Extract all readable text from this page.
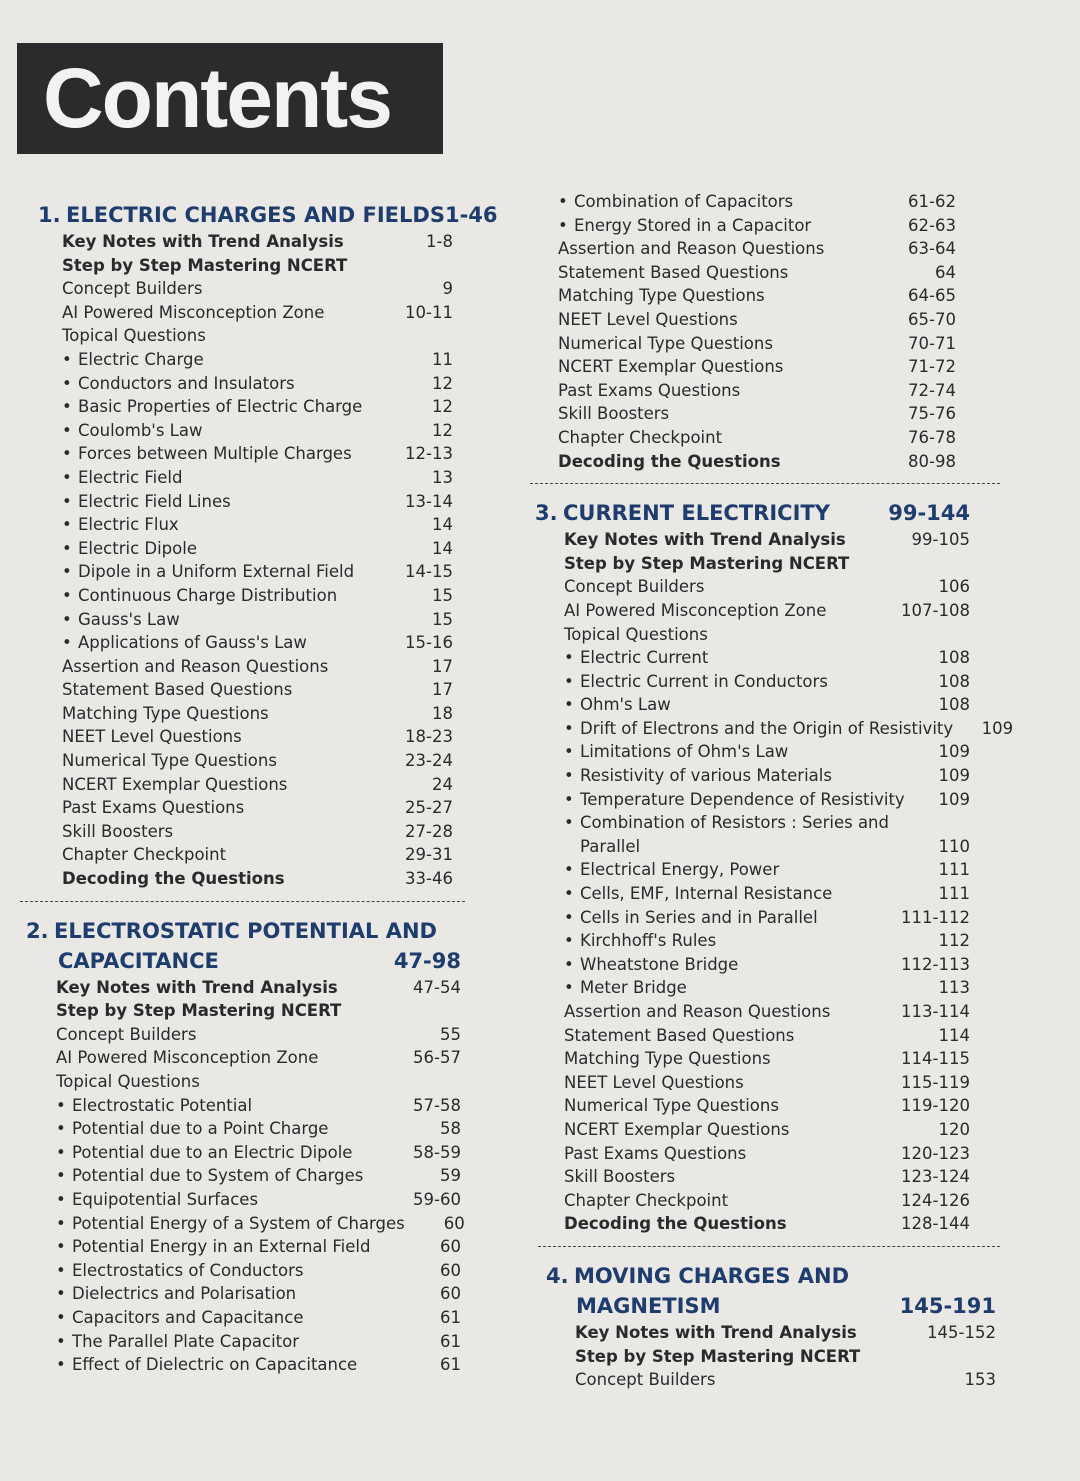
Contents
1. ELECTRIC CHARGES AND FIELDS 1-46
Key Notes with Trend Analysis	1-8
Step by Step Mastering NCERT
Concept Builders	9
AI Powered Misconception Zone	10-11
Topical Questions
• Electric Charge	11
• Conductors and Insulators	12
• Basic Properties of Electric Charge	12
• Coulomb's Law	12
• Forces between Multiple Charges	12-13
• Electric Field	13
• Electric Field Lines	13-14
• Electric Flux	14
• Electric Dipole	14
• Dipole in a Uniform External Field	14-15
• Continuous Charge Distribution	15
• Gauss's Law	15
• Applications of Gauss's Law	15-16
Assertion and Reason Questions	17
Statement Based Questions	17
Matching Type Questions	18
NEET Level Questions	18-23
Numerical Type Questions	23-24
NCERT Exemplar Questions	24
Past Exams Questions	25-27
Skill Boosters	27-28
Chapter Checkpoint	29-31
Decoding the Questions	33-46
2. ELECTROSTATIC POTENTIAL AND
CAPACITANCE	47-98
Key Notes with Trend Analysis	47-54
Step by Step Mastering NCERT
Concept Builders	55
AI Powered Misconception Zone	56-57
Topical Questions
• Electrostatic Potential	57-58
• Potential due to a Point Charge	58
• Potential due to an Electric Dipole	58-59
• Potential due to System of Charges	59
• Equipotential Surfaces	59-60
• Potential Energy of a System of Charges	60
• Potential Energy in an External Field	60
• Electrostatics of Conductors	60
• Dielectrics and Polarisation	60
• Capacitors and Capacitance	61
• The Parallel Plate Capacitor	61
• Effect of Dielectric on Capacitance	61
• Combination of Capacitors	61-62
• Energy Stored in a Capacitor	62-63
Assertion and Reason Questions	63-64
Statement Based Questions	64
Matching Type Questions	64-65
NEET Level Questions	65-70
Numerical Type Questions	70-71
NCERT Exemplar Questions	71-72
Past Exams Questions	72-74
Skill Boosters	75-76
Chapter Checkpoint	76-78
Decoding the Questions	80-98
3. CURRENT ELECTRICITY	99-144
Key Notes with Trend Analysis	99-105
Step by Step Mastering NCERT
Concept Builders	106
AI Powered Misconception Zone	107-108
Topical Questions
• Electric Current	108
• Electric Current in Conductors	108
• Ohm's Law	108
• Drift of Electrons and the Origin of Resistivity	109
• Limitations of Ohm's Law	109
• Resistivity of various Materials	109
• Temperature Dependence of Resistivity	109
• Combination of Resistors : Series and
Parallel	110
• Electrical Energy, Power	111
• Cells, EMF, Internal Resistance	111
• Cells in Series and in Parallel	111-112
• Kirchhoff's Rules	112
• Wheatstone Bridge	112-113
• Meter Bridge	113
Assertion and Reason Questions	113-114
Statement Based Questions	114
Matching Type Questions	114-115
NEET Level Questions	115-119
Numerical Type Questions	119-120
NCERT Exemplar Questions	120
Past Exams Questions	120-123
Skill Boosters	123-124
Chapter Checkpoint	124-126
Decoding the Questions	128-144
4. MOVING CHARGES AND
MAGNETISM	145-191
Key Notes with Trend Analysis	145-152
Step by Step Mastering NCERT
Concept Builders	153
